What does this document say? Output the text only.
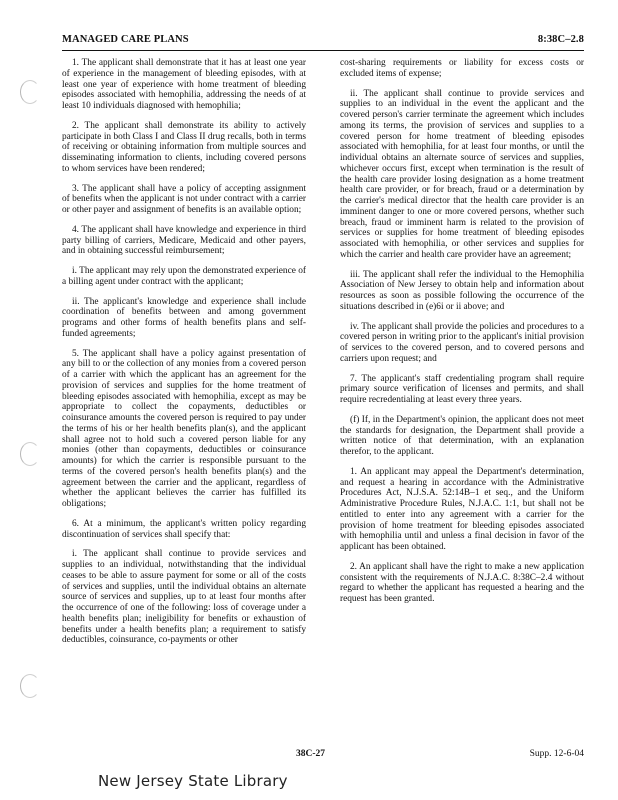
MANAGED CARE PLANS	8:38C–2.8

1. The applicant shall demonstrate that it has at least one year of experience in the management of bleeding episodes, with at least one year of experience with home treatment of bleeding episodes associated with hemophilia, addressing the needs of at least 10 individuals diagnosed with hemophilia;

2. The applicant shall demonstrate its ability to actively participate in both Class I and Class II drug recalls, both in terms of receiving or obtaining information from multiple sources and disseminating information to clients, including covered persons to whom services have been rendered;

3. The applicant shall have a policy of accepting assignment of benefits when the applicant is not under contract with a carrier or other payer and assignment of benefits is an available option;

4. The applicant shall have knowledge and experience in third party billing of carriers, Medicare, Medicaid and other payers, and in obtaining successful reimbursement;

i. The applicant may rely upon the demonstrated experience of a billing agent under contract with the applicant;

ii. The applicant's knowledge and experience shall include coordination of benefits between and among government programs and other forms of health benefits plans and self-funded agreements;

5. The applicant shall have a policy against presentation of any bill to or the collection of any monies from a covered person of a carrier with which the applicant has an agreement for the provision of services and supplies for the home treatment of bleeding episodes associated with hemophilia, except as may be appropriate to collect the copayments, deductibles or coinsurance amounts the covered person is required to pay under the terms of his or her health benefits plan(s), and the applicant shall agree not to hold such a covered person liable for any monies (other than copayments, deductibles or coinsurance amounts) for which the carrier is responsible pursuant to the terms of the covered person's health benefits plan(s) and the agreement between the carrier and the applicant, regardless of whether the applicant believes the carrier has fulfilled its obligations;

6. At a minimum, the applicant's written policy regarding discontinuation of services shall specify that:

i. The applicant shall continue to provide services and supplies to an individual, notwithstanding that the individual ceases to be able to assure payment for some or all of the costs of services and supplies, until the individual obtains an alternate source of services and supplies, up to at least four months after the occurrence of one of the following: loss of coverage under a health benefits plan; ineligibility for benefits or exhaustion of benefits under a health benefits plan; a requirement to satisfy deductibles, coinsurance, co-payments or other

cost-sharing requirements or liability for excess costs or excluded items of expense;

ii. The applicant shall continue to provide services and supplies to an individual in the event the applicant and the covered person's carrier terminate the agreement which includes among its terms, the provision of services and supplies to a covered person for home treatment of bleeding episodes associated with hemophilia, for at least four months, or until the individual obtains an alternate source of services and supplies, whichever occurs first, except when termination is the result of the health care provider losing designation as a home treatment health care provider, or for breach, fraud or a determination by the carrier's medical director that the health care provider is an imminent danger to one or more covered persons, whether such breach, fraud or imminent harm is related to the provision of services or supplies for home treatment of bleeding episodes associated with hemophilia, or other services and supplies for which the carrier and health care provider have an agreement;

iii. The applicant shall refer the individual to the Hemophilia Association of New Jersey to obtain help and information about resources as soon as possible following the occurrence of the situations described in (e)6i or ii above; and

iv. The applicant shall provide the policies and procedures to a covered person in writing prior to the applicant's initial provision of services to the covered person, and to covered persons and carriers upon request; and

7. The applicant's staff credentialing program shall require primary source verification of licenses and permits, and shall require recredentialing at least every three years.

(f) If, in the Department's opinion, the applicant does not meet the standards for designation, the Department shall provide a written notice of that determination, with an explanation therefor, to the applicant.

1. An applicant may appeal the Department's determination, and request a hearing in accordance with the Administrative Procedures Act, N.J.S.A. 52:14B–1 et seq., and the Uniform Administrative Procedure Rules, N.J.A.C. 1:1, but shall not be entitled to enter into any agreement with a carrier for the provision of home treatment for bleeding episodes associated with hemophilia until and unless a final decision in favor of the applicant has been obtained.

2. An applicant shall have the right to make a new application consistent with the requirements of N.J.A.C. 8:38C–2.4 without regard to whether the applicant has requested a hearing and the request has been granted.

38C-27	Supp. 12-6-04
New Jersey State Library
